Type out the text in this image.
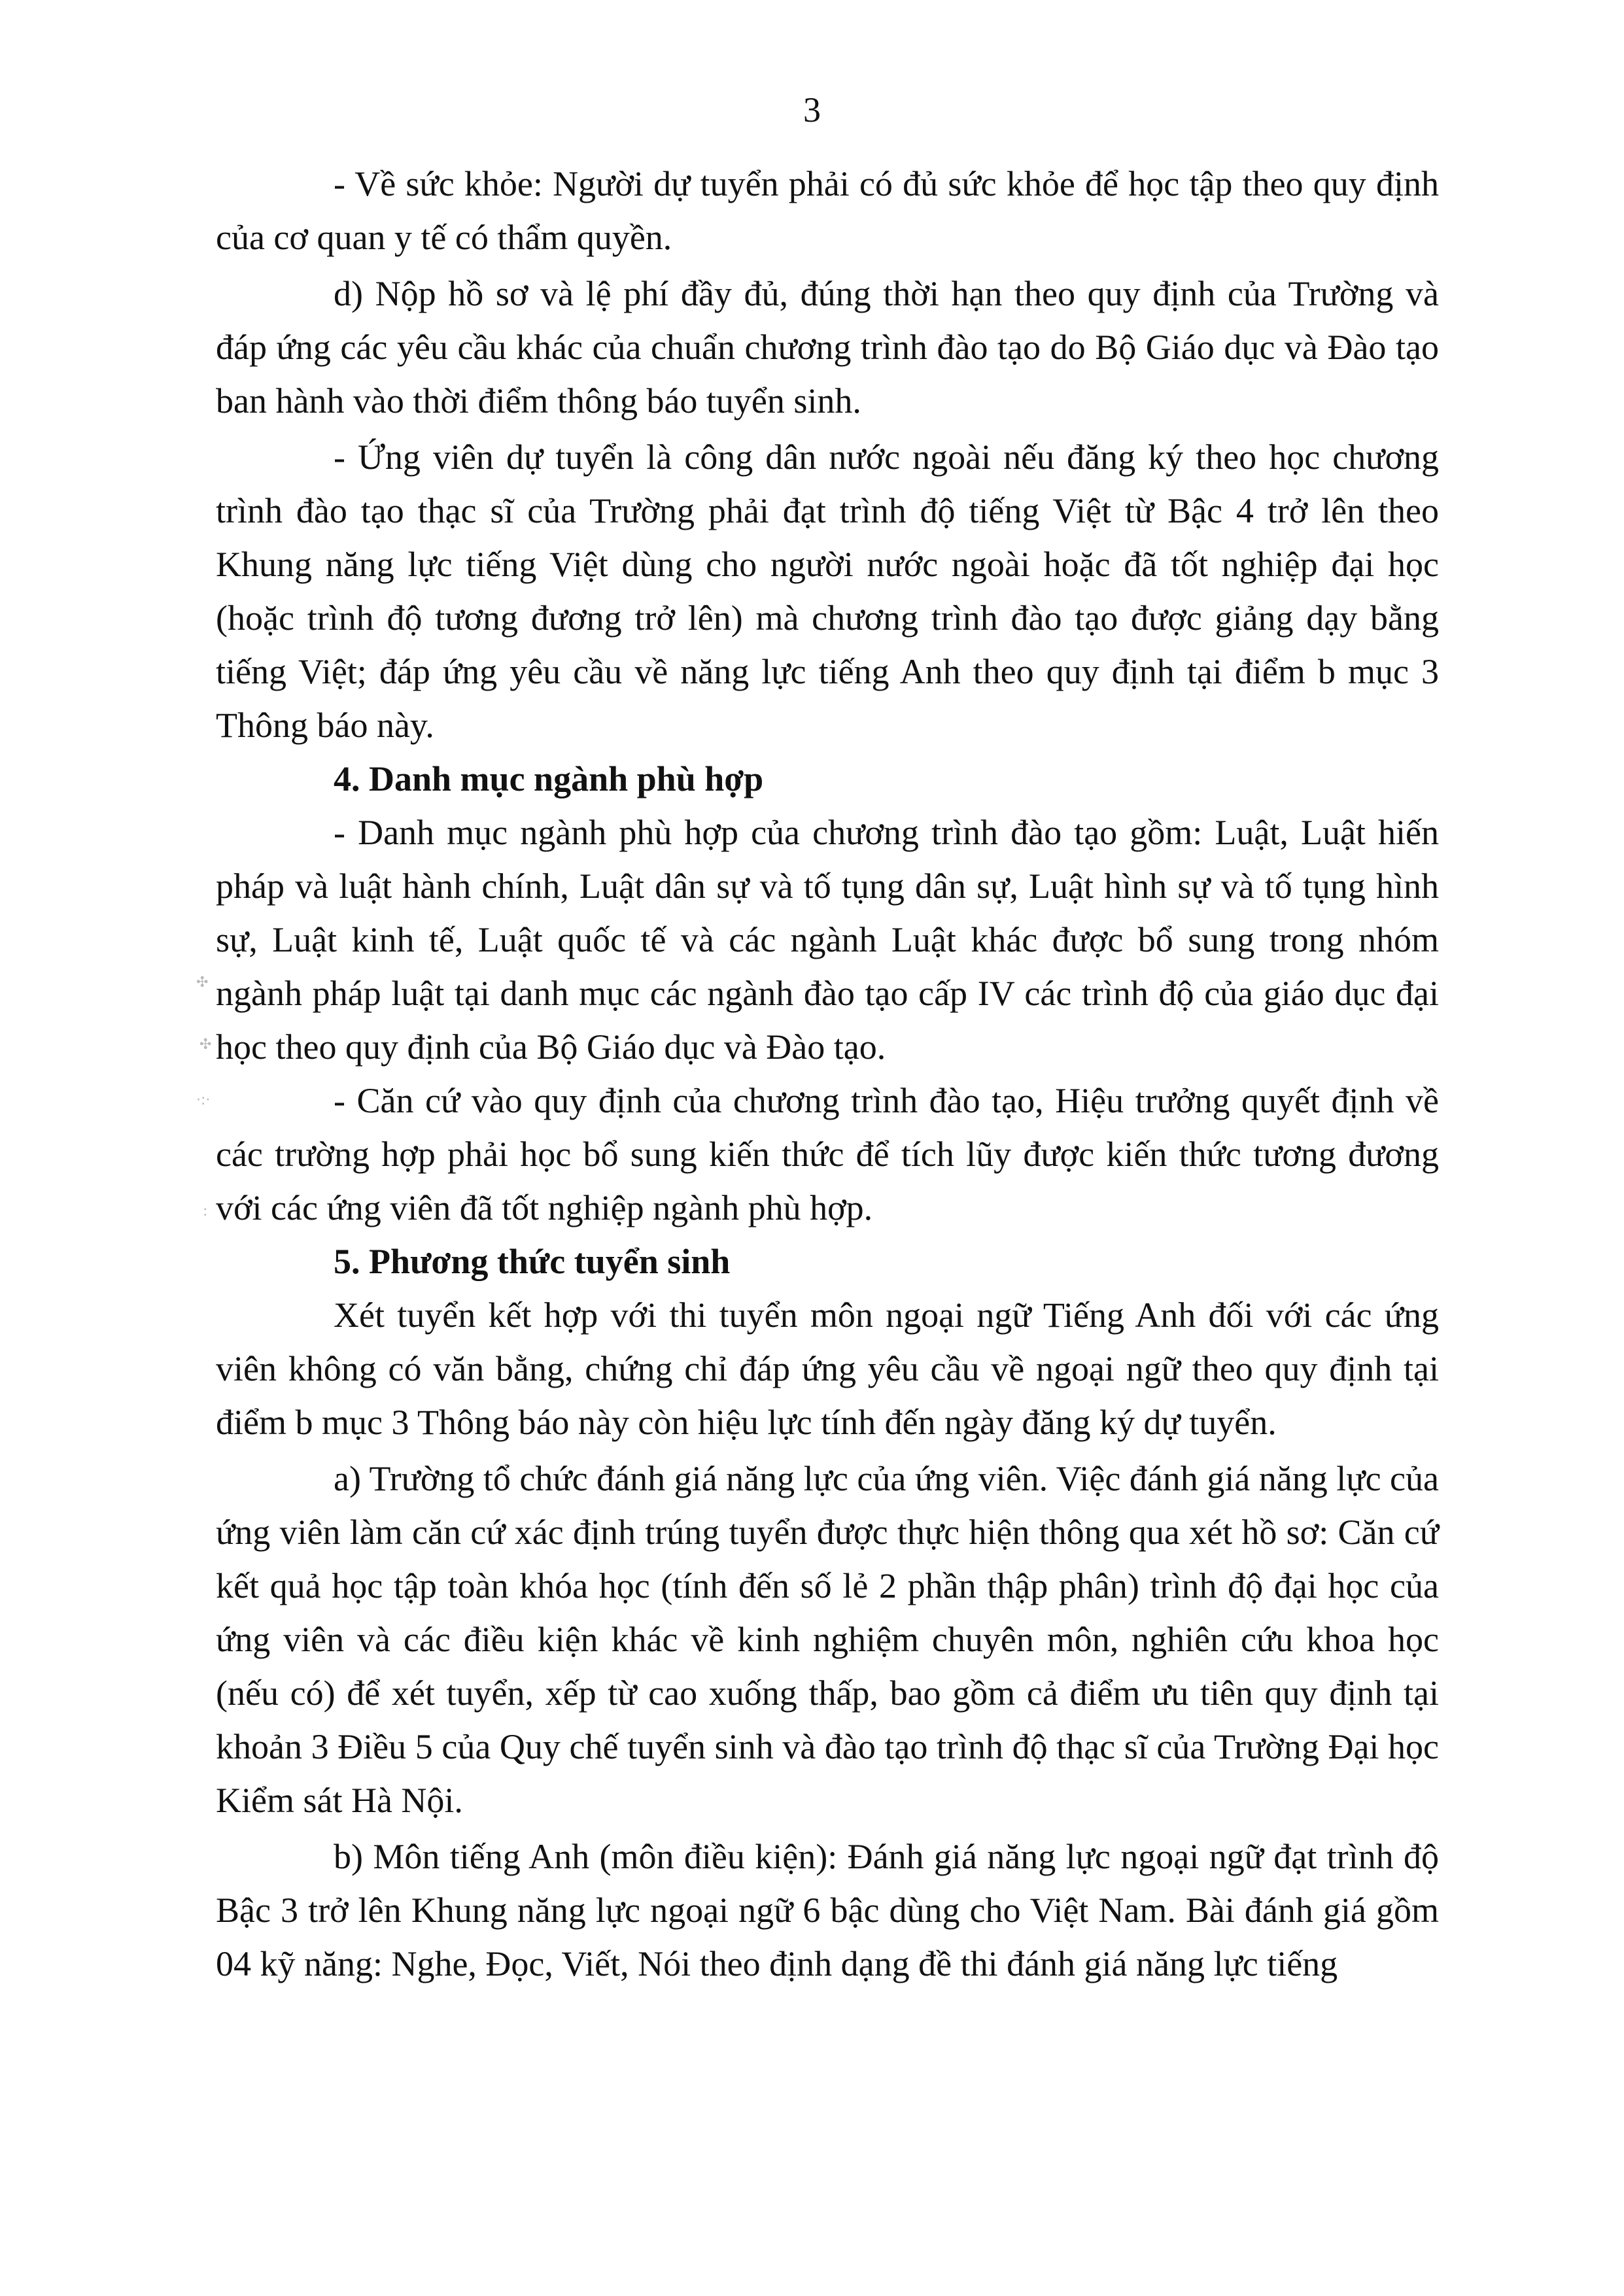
3
✣
✣
·:·
:

- Về sức khỏe: Người dự tuyển phải có đủ sức khỏe để học tập theo quy định của cơ quan y tế có thẩm quyền.

d) Nộp hồ sơ và lệ phí đầy đủ, đúng thời hạn theo quy định của Trường và đáp ứng các yêu cầu khác của chuẩn chương trình đào tạo do Bộ Giáo dục và Đào tạo ban hành vào thời điểm thông báo tuyển sinh.

- Ứng viên dự tuyển là công dân nước ngoài nếu đăng ký theo học chương trình đào tạo thạc sĩ của Trường phải đạt trình độ tiếng Việt từ Bậc 4 trở lên theo Khung năng lực tiếng Việt dùng cho người nước ngoài hoặc đã tốt nghiệp đại học (hoặc trình độ tương đương trở lên) mà chương trình đào tạo được giảng dạy bằng tiếng Việt; đáp ứng yêu cầu về năng lực tiếng Anh theo quy định tại điểm b mục 3 Thông báo này.

4. Danh mục ngành phù hợp

- Danh mục ngành phù hợp của chương trình đào tạo gồm: Luật, Luật hiến pháp và luật hành chính, Luật dân sự và tố tụng dân sự, Luật hình sự và tố tụng hình sự, Luật kinh tế, Luật quốc tế và các ngành Luật khác được bổ sung trong nhóm ngành pháp luật tại danh mục các ngành đào tạo cấp IV các trình độ của giáo dục đại học theo quy định của Bộ Giáo dục và Đào tạo.

- Căn cứ vào quy định của chương trình đào tạo, Hiệu trưởng quyết định về các trường hợp phải học bổ sung kiến thức để tích lũy được kiến thức tương đương với các ứng viên đã tốt nghiệp ngành phù hợp.

5. Phương thức tuyển sinh

Xét tuyển kết hợp với thi tuyển môn ngoại ngữ Tiếng Anh đối với các ứng viên không có văn bằng, chứng chỉ đáp ứng yêu cầu về ngoại ngữ theo quy định tại điểm b mục 3 Thông báo này còn hiệu lực tính đến ngày đăng ký dự tuyển.

a) Trường tổ chức đánh giá năng lực của ứng viên. Việc đánh giá năng lực của ứng viên làm căn cứ xác định trúng tuyển được thực hiện thông qua xét hồ sơ: Căn cứ kết quả học tập toàn khóa học (tính đến số lẻ 2 phần thập phân) trình độ đại học của ứng viên và các điều kiện khác về kinh nghiệm chuyên môn, nghiên cứu khoa học (nếu có) để xét tuyển, xếp từ cao xuống thấp, bao gồm cả điểm ưu tiên quy định tại khoản 3 Điều 5 của Quy chế tuyển sinh và đào tạo trình độ thạc sĩ của Trường Đại học Kiểm sát Hà Nội.

b) Môn tiếng Anh (môn điều kiện): Đánh giá năng lực ngoại ngữ đạt trình độ Bậc 3 trở lên Khung năng lực ngoại ngữ 6 bậc dùng cho Việt Nam. Bài đánh giá gồm 04 kỹ năng: Nghe, Đọc, Viết, Nói theo định dạng đề thi đánh giá năng lực tiếng
